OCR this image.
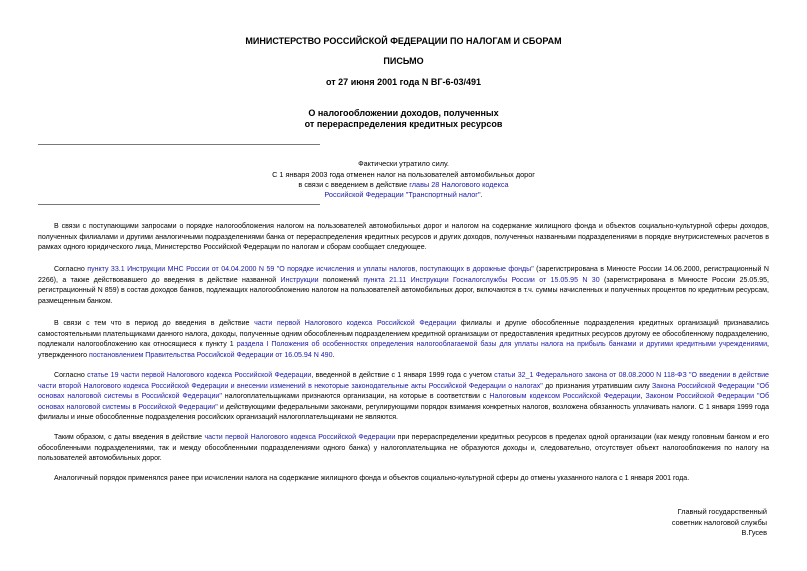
МИНИСТЕРСТВО РОССИЙСКОЙ ФЕДЕРАЦИИ ПО НАЛОГАМ И СБОРАМ
ПИСЬМО
от 27 июня 2001 года N ВГ-6-03/491
О налогообложении доходов, полученных
от перераспределения кредитных ресурсов
Фактически утратило силу.
С 1 января 2003 года отменен налог на пользователей автомобильных дорог
в связи с введением в действие главы 28 Налогового кодекса
Российской Федерации "Транспортный налог".
В связи с поступающими запросами о порядке налогообложения налогом на пользователей автомобильных дорог и налогом на содержание жилищного фонда и объектов социально-культурной сферы доходов, полученных филиалами и другими аналогичными подразделениями банка от перераспределения кредитных ресурсов и других доходов, полученных названными подразделениями в порядке внутрисистемных расчетов в рамках одного юридического лица, Министерство Российской Федерации по налогам и сборам сообщает следующее.
Согласно пункту 33.1 Инструкции МНС России от 04.04.2000 N 59 "О порядке исчисления и уплаты налогов, поступающих в дорожные фонды" (зарегистрирована в Минюсте России 14.06.2000, регистрационный N 2266), а также действовавшего до введения в действие названной Инструкции положений пункта 21.11 Инструкции Госналогслужбы России от 15.05.95 N 30 (зарегистрирована в Минюсте России 25.05.95, регистрационный N 859) в состав доходов банков, подлежащих налогообложению налогом на пользователей автомобильных дорог, включаются в т.ч. суммы начисленных и полученных процентов по кредитным ресурсам, размещенным банком.
В связи с тем что в период до введения в действие части первой Налогового кодекса Российской Федерации филиалы и другие обособленные подразделения кредитных организаций признавались самостоятельными плательщиками данного налога, доходы, полученные одним обособленным подразделением кредитной организации от предоставления кредитных ресурсов другому ее обособленному подразделению, подлежали налогообложению как относящиеся к пункту 1 раздела I Положения об особенностях определения налогооблагаемой базы для уплаты налога на прибыль банками и другими кредитными учреждениями, утвержденного постановлением Правительства Российской Федерации от 16.05.94 N 490.
Согласно статье 19 части первой Налогового кодекса Российской Федерации, введенной в действие с 1 января 1999 года с учетом статьи 32_1 Федерального закона от 08.08.2000 N 118-ФЗ "О введении в действие части второй Налогового кодекса Российской Федерации и внесении изменений в некоторые законодательные акты Российской Федерации о налогах" до признания утратившим силу Закона Российской Федерации "Об основах налоговой системы в Российской Федерации" налогоплательщиками признаются организации, на которые в соответствии с Налоговым кодексом Российской Федерации, Законом Российской Федерации "Об основах налоговой системы в Российской Федерации" и действующими федеральными законами, регулирующими порядок взимания конкретных налогов, возложена обязанность уплачивать налоги. С 1 января 1999 года филиалы и иные обособленные подразделения российских организаций налогоплательщиками не являются.
Таким образом, с даты введения в действие части первой Налогового кодекса Российской Федерации при перераспределении кредитных ресурсов в пределах одной организации (как между головным банком и его обособленными подразделениями, так и между обособленными подразделениями одного банка) у налогоплательщика не образуются доходы и, следовательно, отсутствует объект налогообложения по налогу на пользователей автомобильных дорог.
Аналогичный порядок применялся ранее при исчислении налога на содержание жилищного фонда и объектов социально-культурной сферы до отмены указанного налога с 1 января 2001 года.
Главный государственный
советник налоговой службы
В.Гусев
